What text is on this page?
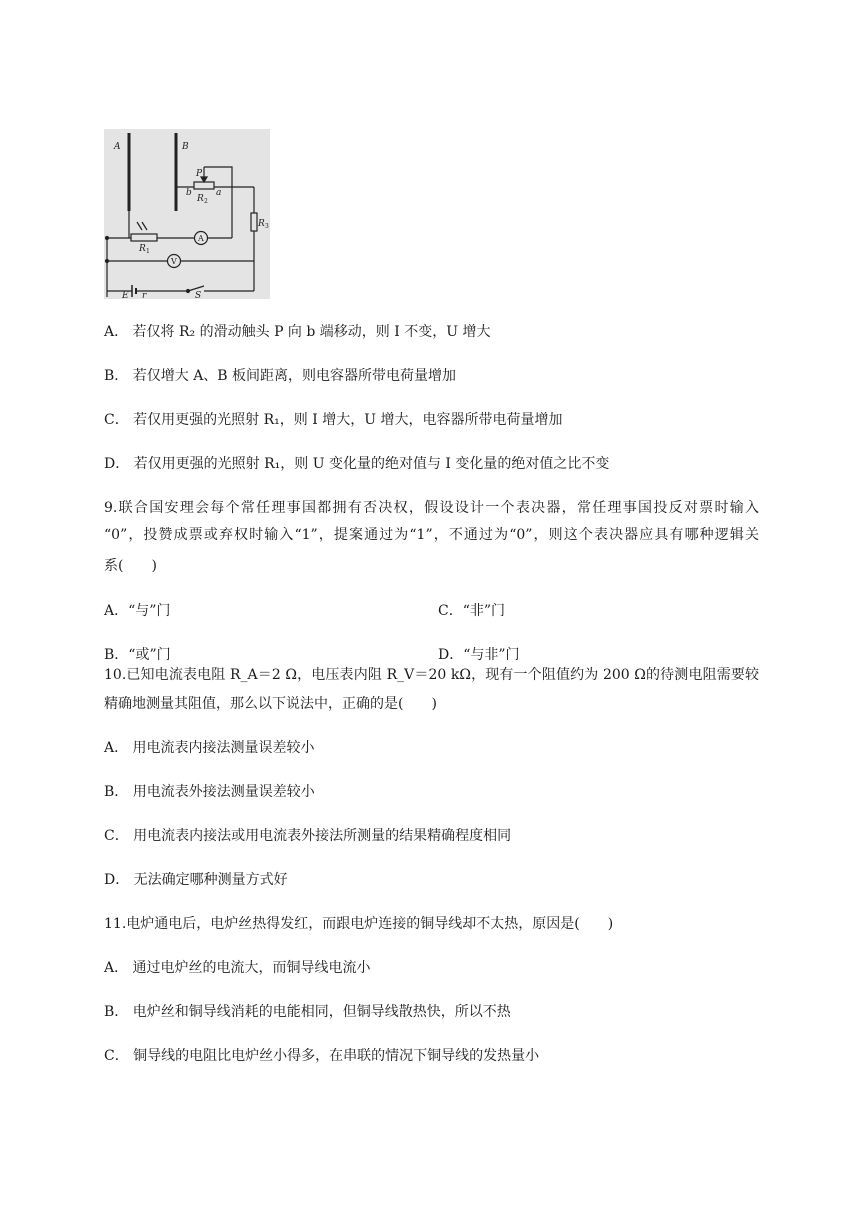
A	B
P
b	a
R 2
R 3
R 1
A
V
E r	S
A． 若仅将 R₂ 的滑动触头 P 向 b 端移动，则 I 不变，U 增大
B． 若仅增大 A、B 板间距离，则电容器所带电荷量增加
C． 若仅用更强的光照射 R₁，则 I 增大，U 增大，电容器所带电荷量增加
D． 若仅用更强的光照射 R₁，则 U 变化量的绝对值与 I 变化量的绝对值之比不变
9.联合国安理会每个常任理事国都拥有否决权，假设设计一个表决器，常任理事国投反对票时输入
“0”，投赞成票或弃权时输入“1”，提案通过为“1”，不通过为“0”，则这个表决器应具有哪种逻辑关
系(　　)
A．“与”门	C．“非”门
B．“或”门	D．“与非”门
10.已知电流表电阻 R_A＝2 Ω，电压表内阻 R_V＝20 kΩ，现有一个阻值约为 200 Ω的待测电阻需要较
精确地测量其阻值，那么以下说法中，正确的是(　　)
A． 用电流表内接法测量误差较小
B． 用电流表外接法测量误差较小
C． 用电流表内接法或用电流表外接法所测量的结果精确程度相同
D． 无法确定哪种测量方式好
11.电炉通电后，电炉丝热得发红，而跟电炉连接的铜导线却不太热，原因是(　　)
A． 通过电炉丝的电流大，而铜导线电流小
B． 电炉丝和铜导线消耗的电能相同，但铜导线散热快，所以不热
C． 铜导线的电阻比电炉丝小得多，在串联的情况下铜导线的发热量小
